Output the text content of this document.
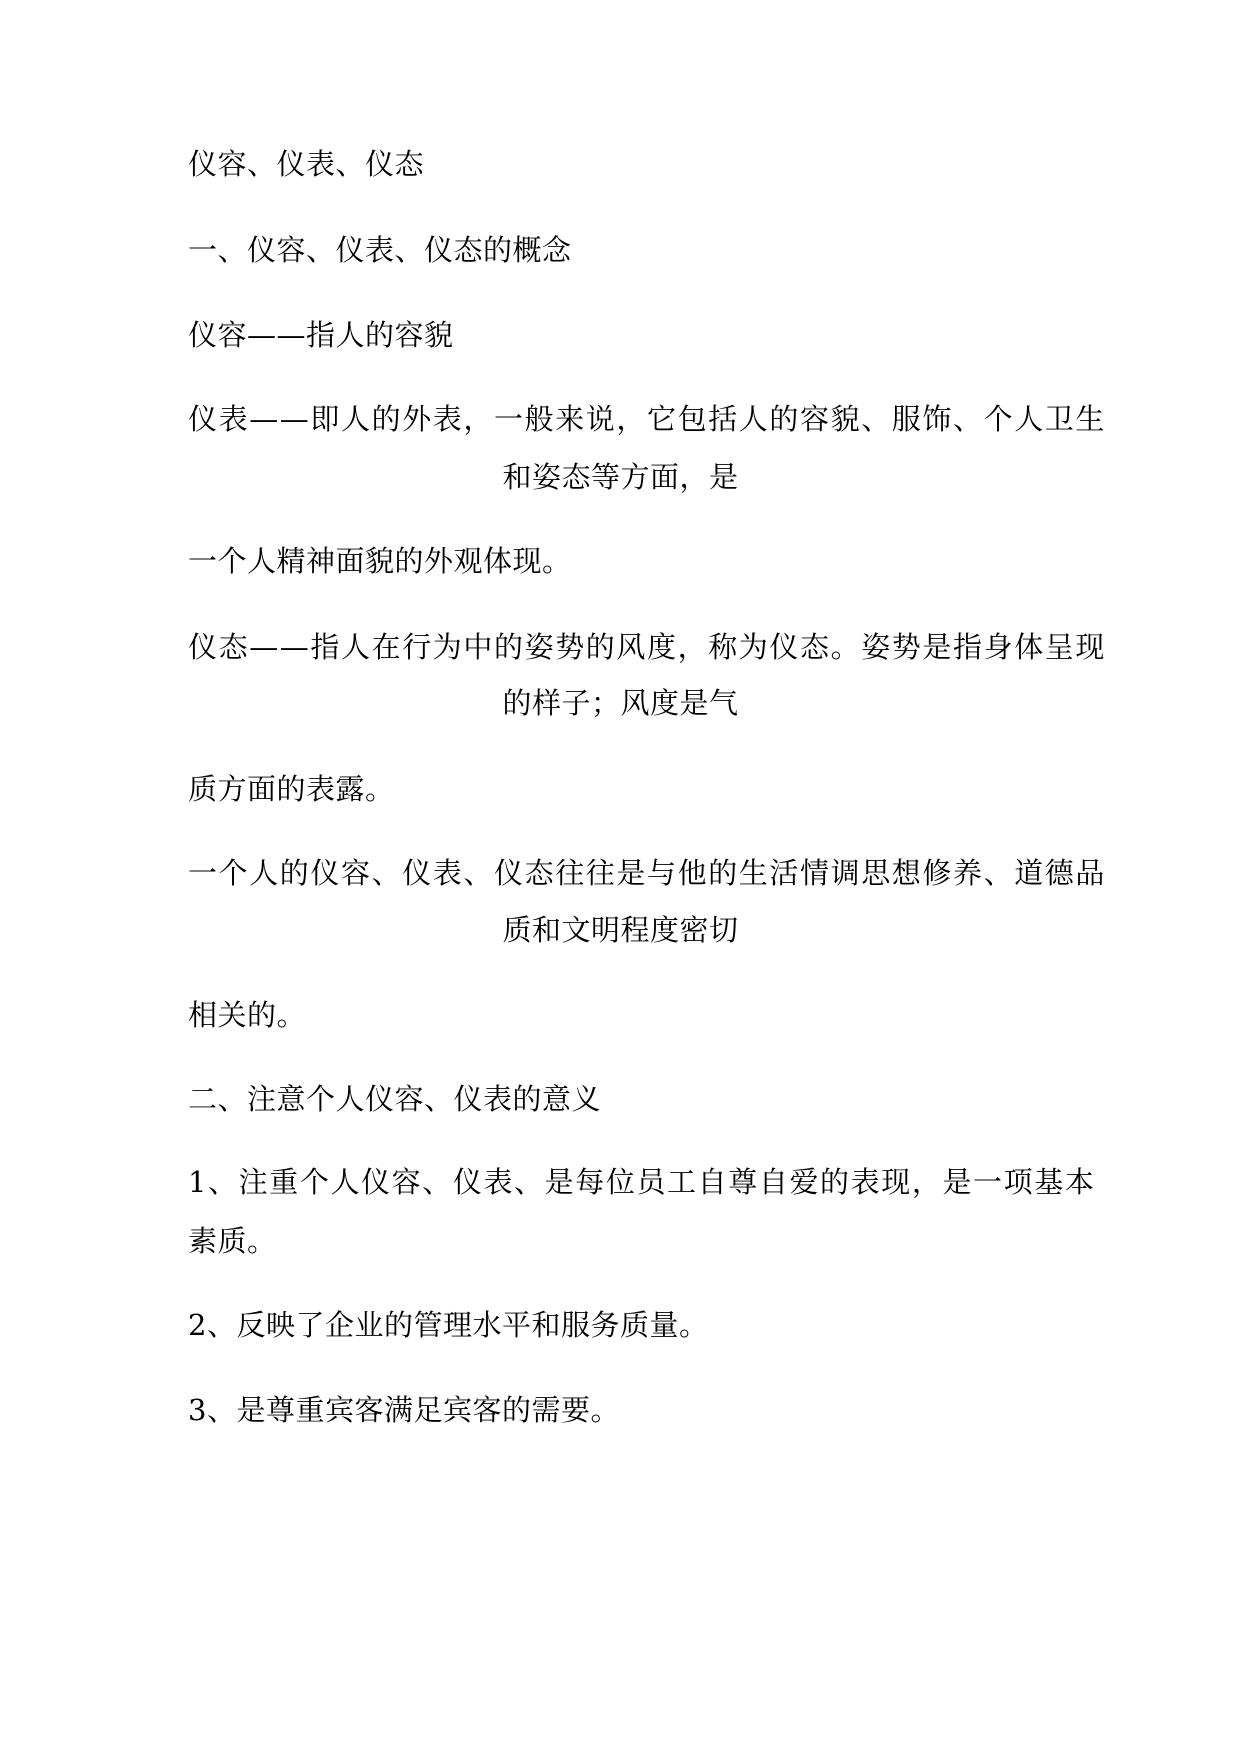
仪容、仪表、仪态
一、仪容、仪表、仪态的概念
仪容——指人的容貌
仪表——即人的外表，一般来说，它包括人的容貌、服饰、个人卫生
和姿态等方面，是
一个人精神面貌的外观体现。
仪态——指人在行为中的姿势的风度，称为仪态。姿势是指身体呈现
的样子；风度是气
质方面的表露。
一个人的仪容、仪表、仪态往往是与他的生活情调思想修养、道德品
质和文明程度密切
相关的。
二、注意个人仪容、仪表的意义
1、注重个人仪容、仪表、是每位员工自尊自爱的表现，是一项基本
素质。
2、反映了企业的管理水平和服务质量。
3、是尊重宾客满足宾客的需要。
